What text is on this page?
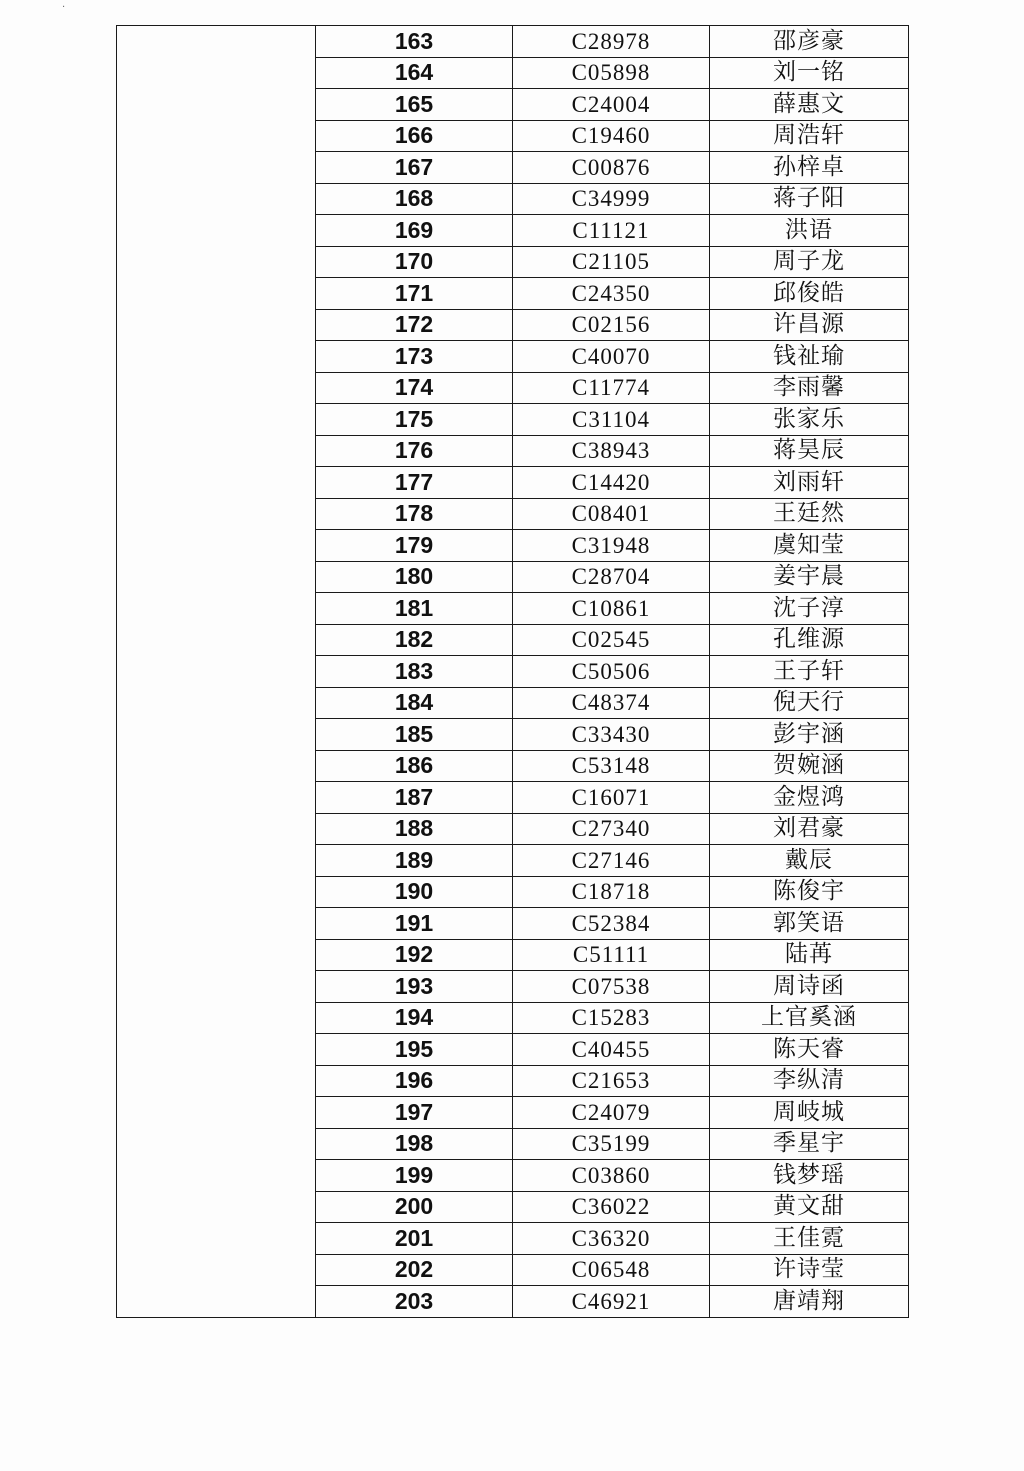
·
	163	C28978	邵彦豪
	164	C05898	刘一铭
	165	C24004	薛惠文
	166	C19460	周浩轩
	167	C00876	孙梓卓
	168	C34999	蒋子阳
	169	C11121	洪语
	170	C21105	周子龙
	171	C24350	邱俊皓
	172	C02156	许昌源
	173	C40070	钱祉瑜
	174	C11774	李雨馨
	175	C31104	张家乐
	176	C38943	蒋昊辰
	177	C14420	刘雨轩
	178	C08401	王廷然
	179	C31948	虞知莹
	180	C28704	姜宇晨
	181	C10861	沈子淳
	182	C02545	孔维源
	183	C50506	王子轩
	184	C48374	倪天行
	185	C33430	彭宇涵
	186	C53148	贺婉涵
	187	C16071	金煜鸿
	188	C27340	刘君豪
	189	C27146	戴辰
	190	C18718	陈俊宇
	191	C52384	郭笑语
	192	C51111	陆苒
	193	C07538	周诗函
	194	C15283	上官奚涵
	195	C40455	陈天睿
	196	C21653	李纵清
	197	C24079	周岐城
	198	C35199	季星宇
	199	C03860	钱梦瑶
	200	C36022	黄文甜
	201	C36320	王佳霓
	202	C06548	许诗莹
	203	C46921	唐靖翔
